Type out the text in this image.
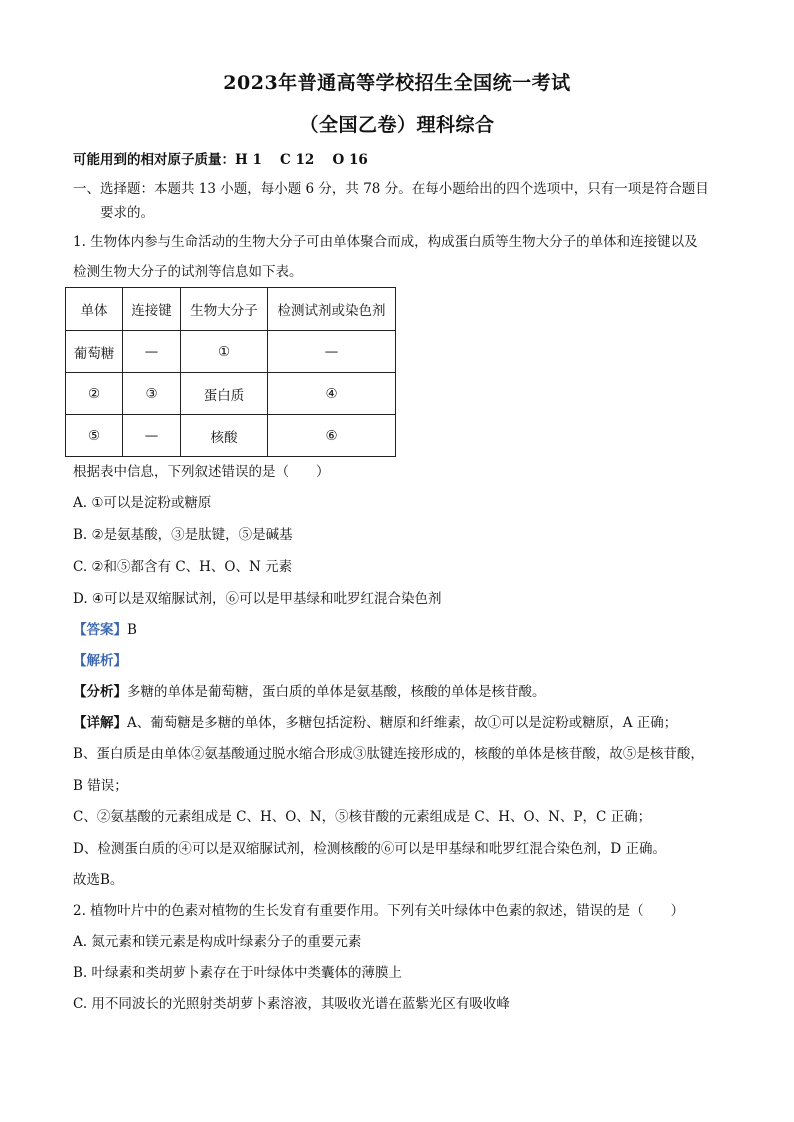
2023年普通高等学校招生全国统一考试
（全国乙卷）理科综合
可能用到的相对原子质量：H 1　 C 12　 O 16
一、选择题：本题共 13 小题，每小题 6 分，共 78 分。在每小题给出的四个选项中，只有一项是符合题目
要求的。
1. 生物体内参与生命活动的生物大分子可由单体聚合而成，构成蛋白质等生物大分子的单体和连接键以及
检测生物大分子的试剂等信息如下表。
单体	连接键	生物大分子	检测试剂或染色剂
葡萄糖	—	①	—
②	③	蛋白质	④
⑤	—	核酸	⑥
根据表中信息，下列叙述错误的是（　　）
A. ①可以是淀粉或糖原
B. ②是氨基酸，③是肽键，⑤是碱基
C. ②和⑤都含有 C、H、O、N 元素
D. ④可以是双缩脲试剂，⑥可以是甲基绿和吡罗红混合染色剂
【答案】B
【解析】
【分析】多糖的单体是葡萄糖，蛋白质的单体是氨基酸，核酸的单体是核苷酸。
【详解】A、葡萄糖是多糖的单体，多糖包括淀粉、糖原和纤维素，故①可以是淀粉或糖原，A 正确；
B、蛋白质是由单体②氨基酸通过脱水缩合形成③肽键连接形成的，核酸的单体是核苷酸，故⑤是核苷酸，
B 错误；
C、②氨基酸的元素组成是 C、H、O、N，⑤核苷酸的元素组成是 C、H、O、N、P，C 正确；
D、检测蛋白质的④可以是双缩脲试剂，检测核酸的⑥可以是甲基绿和吡罗红混合染色剂，D 正确。
故选B。
2. 植物叶片中的色素对植物的生长发育有重要作用。下列有关叶绿体中色素的叙述，错误的是（　　）
A. 氮元素和镁元素是构成叶绿素分子的重要元素
B. 叶绿素和类胡萝卜素存在于叶绿体中类囊体的薄膜上
C. 用不同波长的光照射类胡萝卜素溶液，其吸收光谱在蓝紫光区有吸收峰
